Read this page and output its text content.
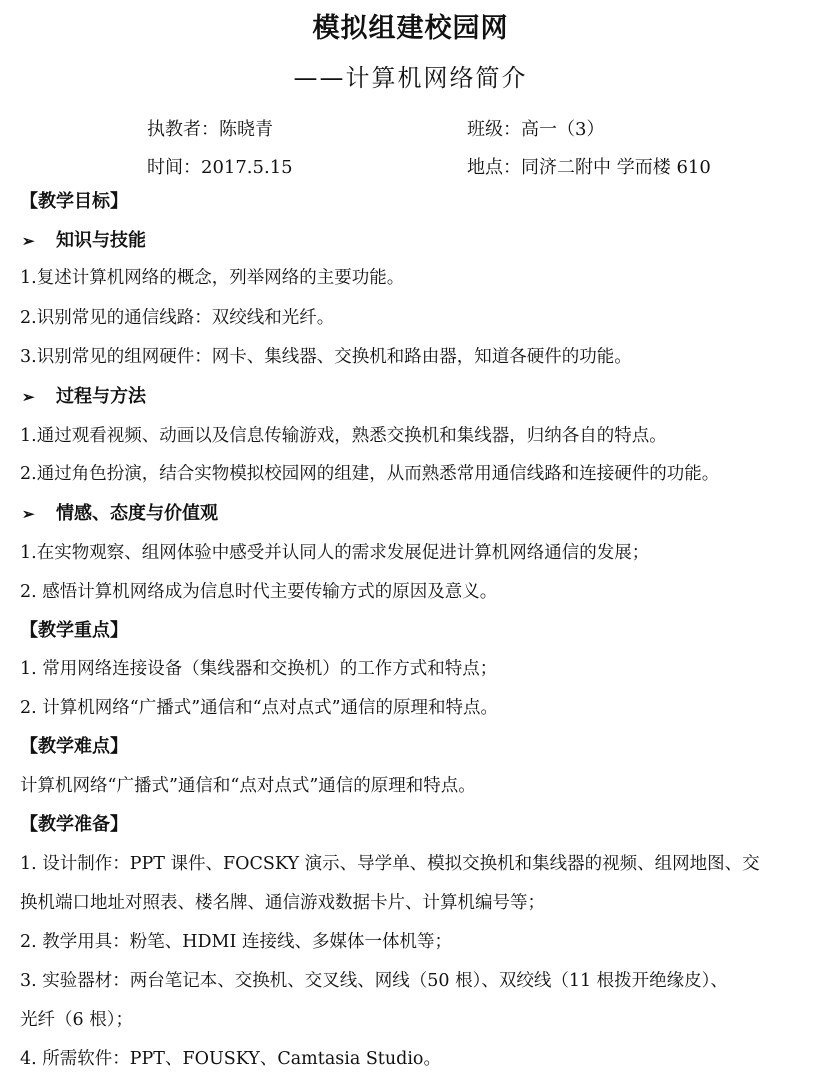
模拟组建校园网
——计算机网络简介
执教者：陈晓青	班级：高一（3）
时间：2017.5.15	地点：同济二附中 学而楼 610
【教学目标】
➢ 知识与技能
1.复述计算机网络的概念，列举网络的主要功能。
2.识别常见的通信线路：双绞线和光纤。
3.识别常见的组网硬件：网卡、集线器、交换机和路由器，知道各硬件的功能。
➢ 过程与方法
1.通过观看视频、动画以及信息传输游戏，熟悉交换机和集线器，归纳各自的特点。
2.通过角色扮演，结合实物模拟校园网的组建，从而熟悉常用通信线路和连接硬件的功能。
➢ 情感、态度与价值观
1.在实物观察、组网体验中感受并认同人的需求发展促进计算机网络通信的发展；
2. 感悟计算机网络成为信息时代主要传输方式的原因及意义。
【教学重点】
1. 常用网络连接设备（集线器和交换机）的工作方式和特点；
2. 计算机网络“广播式”通信和“点对点式”通信的原理和特点。
【教学难点】
计算机网络“广播式”通信和“点对点式”通信的原理和特点。
【教学准备】
1. 设计制作：PPT 课件、FOCSKY 演示、导学单、模拟交换机和集线器的视频、组网地图、交
换机端口地址对照表、楼名牌、通信游戏数据卡片、计算机编号等；
2. 教学用具：粉笔、HDMI 连接线、多媒体一体机等；
3. 实验器材：两台笔记本、交换机、交叉线、网线（50 根）、双绞线（11 根拨开绝缘皮）、
光纤（6 根）；
4. 所需软件：PPT、FOUSKY、Camtasia Studio。
